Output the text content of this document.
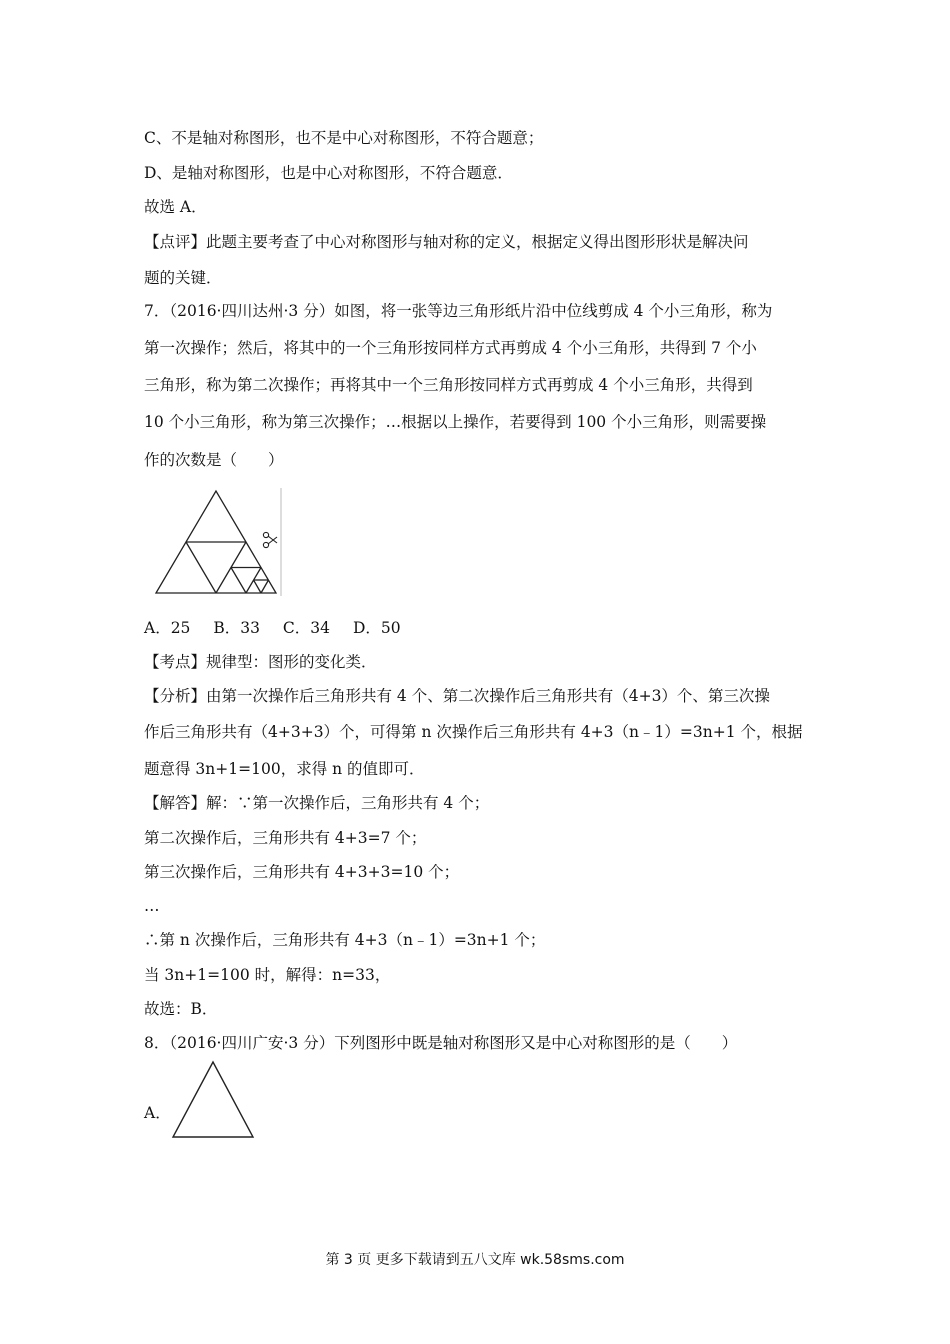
C、不是轴对称图形，也不是中心对称图形，不符合题意；
D、是轴对称图形，也是中心对称图形，不符合题意．
故选 A．
【点评】此题主要考查了中心对称图形与轴对称的定义，根据定义得出图形形状是解决问
题的关键．
7．（2016·四川达州·3 分）如图，将一张等边三角形纸片沿中位线剪成 4 个小三角形，称为
第一次操作；然后，将其中的一个三角形按同样方式再剪成 4 个小三角形，共得到 7 个小
三角形，称为第二次操作；再将其中一个三角形按同样方式再剪成 4 个小三角形，共得到
10 个小三角形，称为第三次操作；…根据以上操作，若要得到 100 个小三角形，则需要操
作的次数是（　　）
A．25 B．33 C．34 D．50
【考点】规律型：图形的变化类．
【分析】由第一次操作后三角形共有 4 个、第二次操作后三角形共有（4+3）个、第三次操
作后三角形共有（4+3+3）个，可得第 n 次操作后三角形共有 4+3（n﹣1）=3n+1 个，根据
题意得 3n+1=100，求得 n 的值即可．
【解答】解：∵第一次操作后，三角形共有 4 个；
第二次操作后，三角形共有 4+3=7 个；
第三次操作后，三角形共有 4+3+3=10 个；
…
∴第 n 次操作后，三角形共有 4+3（n﹣1）=3n+1 个；
当 3n+1=100 时，解得：n=33，
故选：B．
8．（2016·四川广安·3 分）下列图形中既是轴对称图形又是中心对称图形的是（　　）
A．
第 3 页 更多下载请到五八文库 wk.58sms.com
